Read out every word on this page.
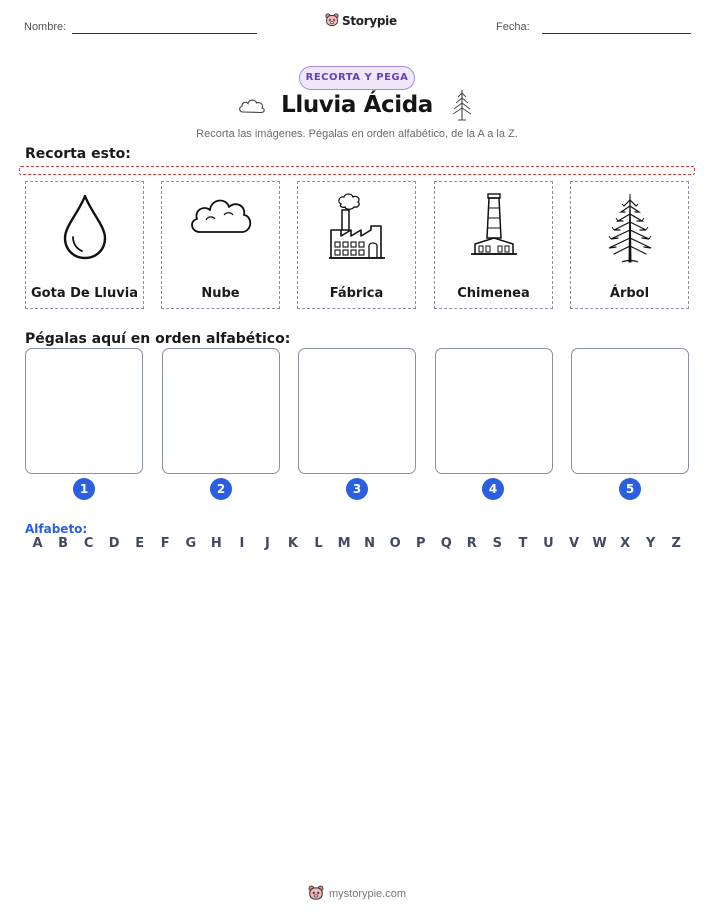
Nombre:	Storypie	Fecha:
RECORTA Y PEGA
Lluvia Ácida
Recorta las imágenes. Pégalas en orden alfabético, de la A a la Z.
Recorta esto:
Gota De Lluvia	Nube	Fábrica	Chimenea	Árbol
Pégalas aquí en orden alfabético:
1	2	3	4	5
Alfabeto:
A	B	C	D	E	F	G	H	I	J	K	L	M	N	O	P	Q	R	S	T	U	V	W	X	Y	Z
mystorypie.com
